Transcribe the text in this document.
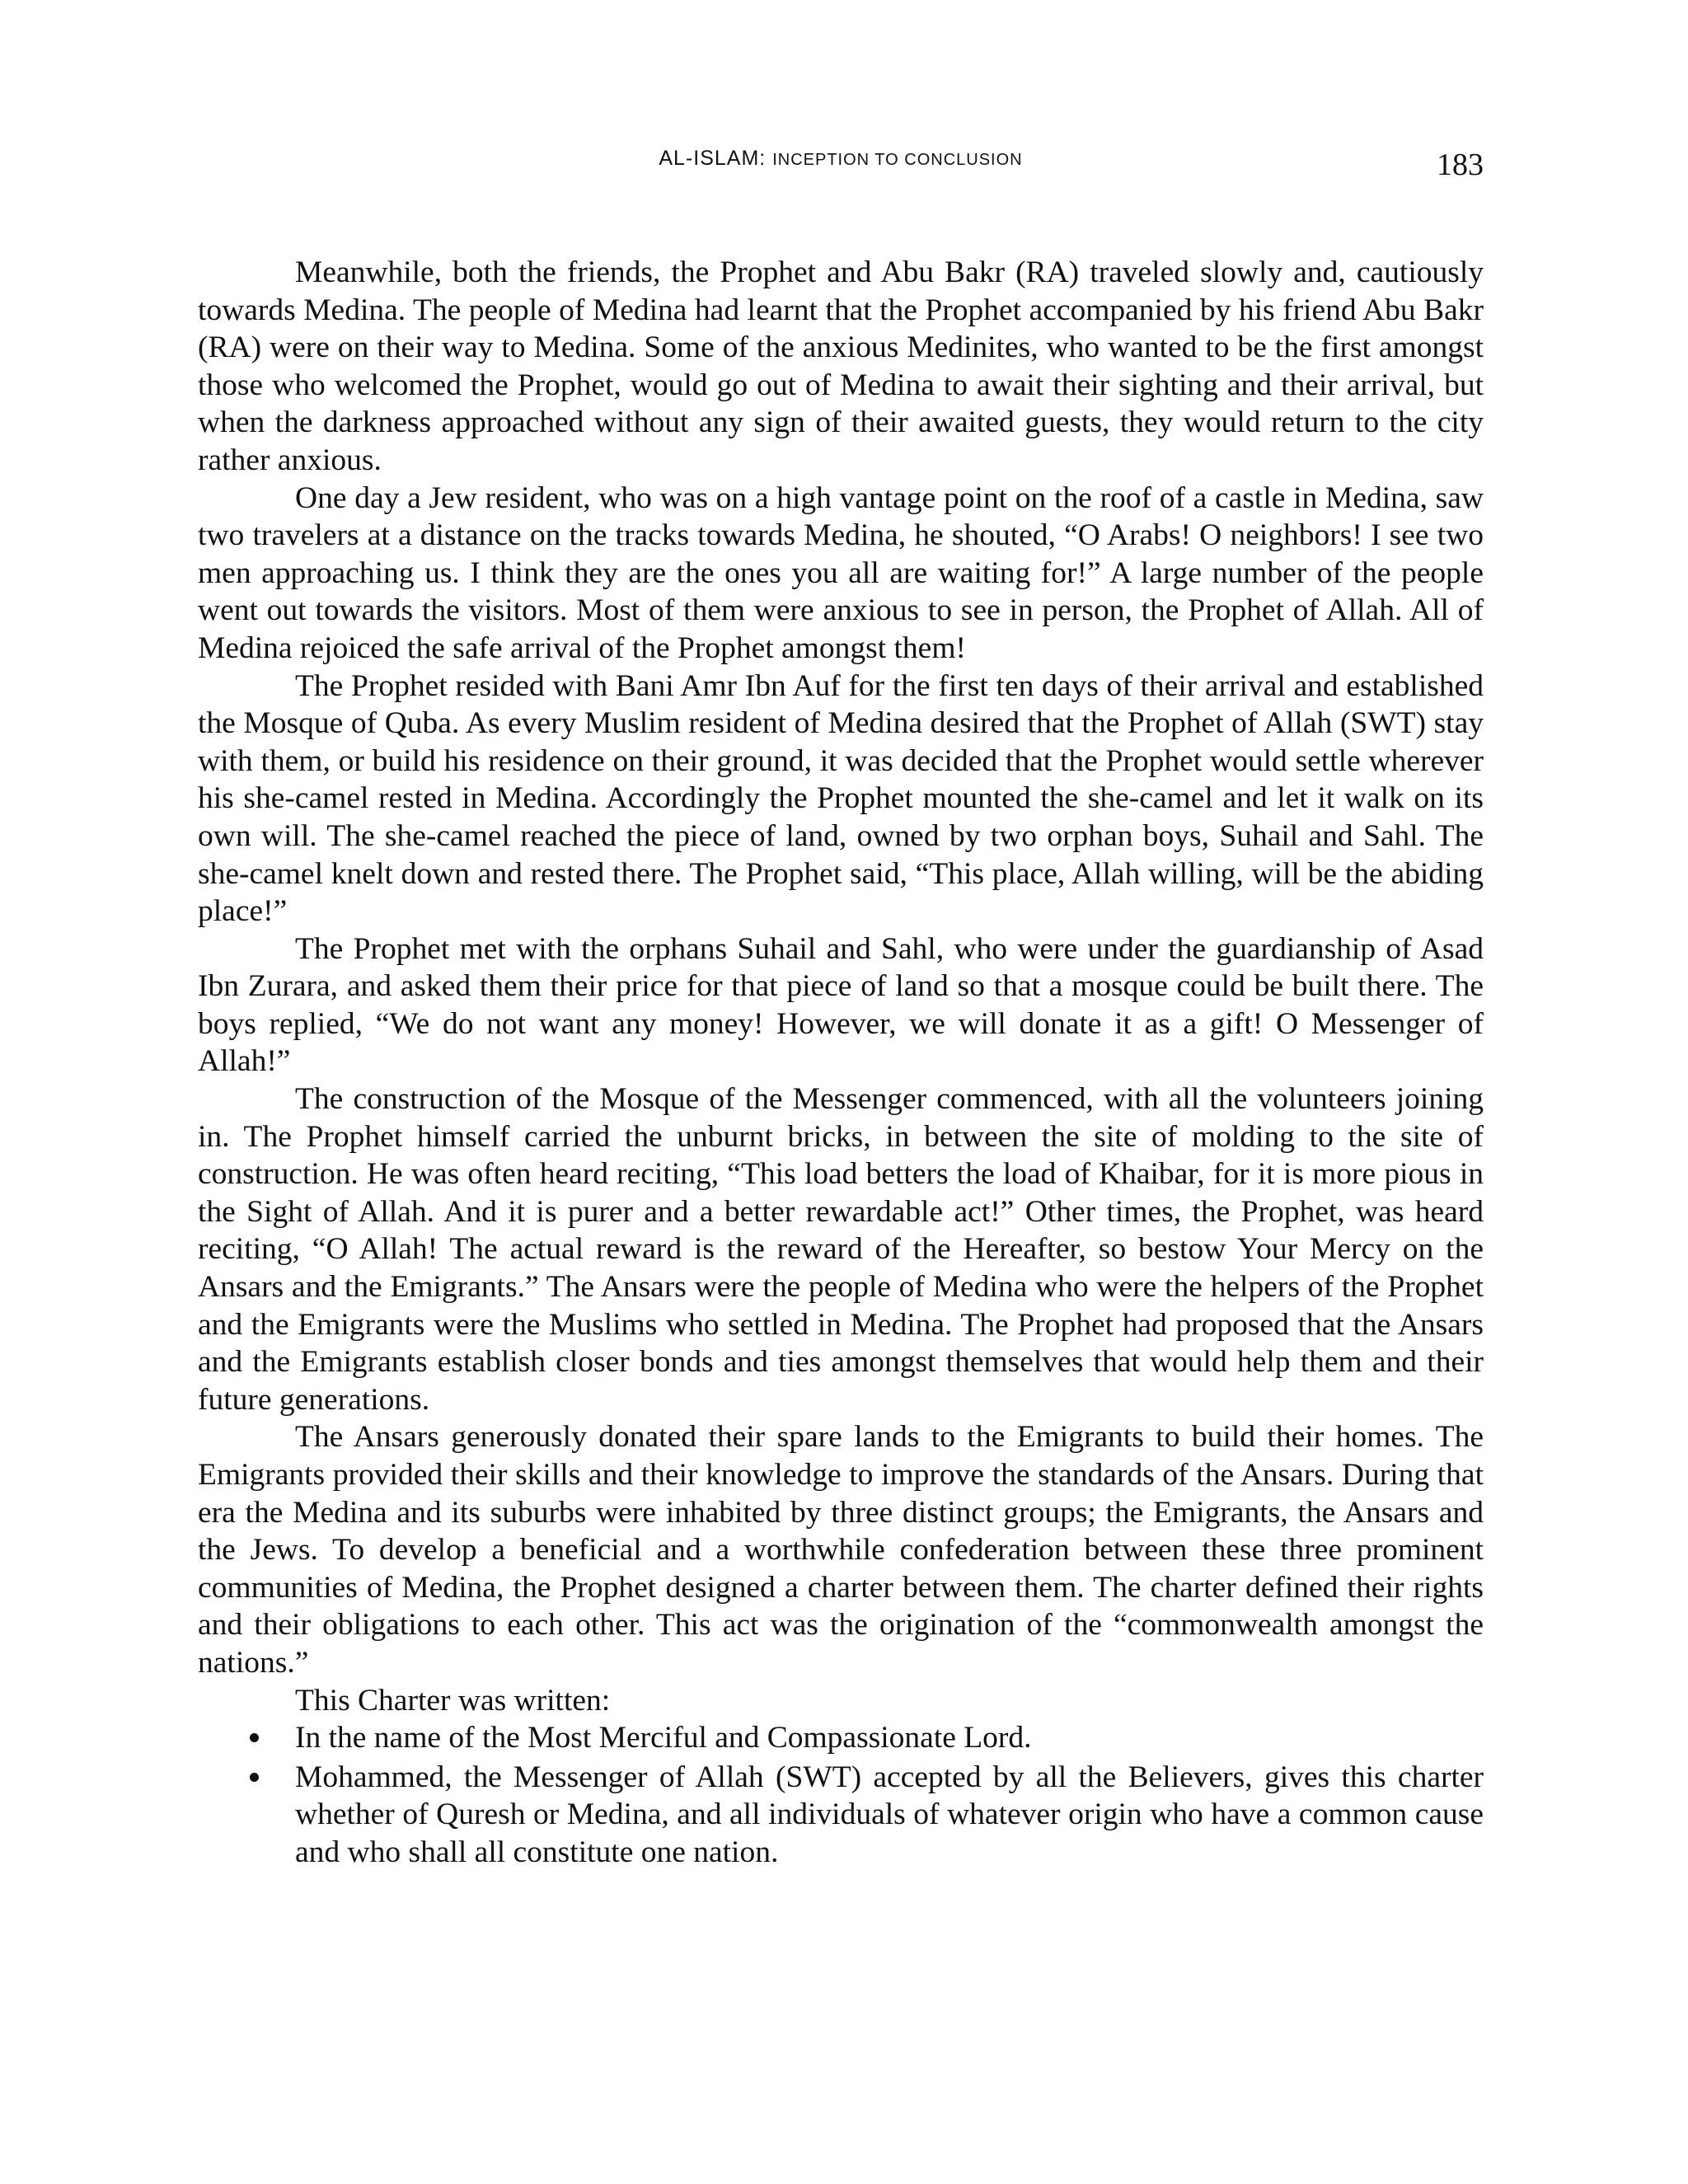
AL-ISLAM: INCEPTION TO CONCLUSION	183

Meanwhile, both the friends, the Prophet and Abu Bakr (RA) traveled slowly and, cautiously towards Medina. The people of Medina had learnt that the Prophet accompanied by his friend Abu Bakr (RA) were on their way to Medina. Some of the anxious Medinites, who wanted to be the first amongst those who welcomed the Prophet, would go out of Medina to await their sighting and their arrival, but when the darkness approached without any sign of their awaited guests, they would return to the city rather anxious.

One day a Jew resident, who was on a high vantage point on the roof of a castle in Medina, saw two travelers at a distance on the tracks towards Medina, he shouted, “O Arabs! O neighbors! I see two men approaching us. I think they are the ones you all are waiting for!” A large number of the people went out towards the visitors. Most of them were anxious to see in person, the Prophet of Allah. All of Medina rejoiced the safe arrival of the Prophet amongst them!

The Prophet resided with Bani Amr Ibn Auf for the first ten days of their arrival and established the Mosque of Quba. As every Muslim resident of Medina desired that the Prophet of Allah (SWT) stay with them, or build his residence on their ground, it was decided that the Prophet would settle wherever his she-camel rested in Medina. Accordingly the Prophet mounted the she-camel and let it walk on its own will. The she-camel reached the piece of land, owned by two orphan boys, Suhail and Sahl. The she-camel knelt down and rested there. The Prophet said, “This place, Allah willing, will be the abiding place!”

The Prophet met with the orphans Suhail and Sahl, who were under the guardianship of Asad Ibn Zurara, and asked them their price for that piece of land so that a mosque could be built there. The boys replied, “We do not want any money! However, we will donate it as a gift! O Messenger of Allah!”

The construction of the Mosque of the Messenger commenced, with all the volunteers joining in. The Prophet himself carried the unburnt bricks, in between the site of molding to the site of construction. He was often heard reciting, “This load betters the load of Khaibar, for it is more pious in the Sight of Allah. And it is purer and a better rewardable act!” Other times, the Prophet, was heard reciting, “O Allah! The actual reward is the reward of the Hereafter, so bestow Your Mercy on the Ansars and the Emigrants.” The Ansars were the people of Medina who were the helpers of the Prophet and the Emigrants were the Muslims who settled in Medina. The Prophet had proposed that the Ansars and the Emigrants establish closer bonds and ties amongst themselves that would help them and their future generations.

The Ansars generously donated their spare lands to the Emigrants to build their homes. The Emigrants provided their skills and their knowledge to improve the standards of the Ansars. During that era the Medina and its suburbs were inhabited by three distinct groups; the Emigrants, the Ansars and the Jews. To develop a beneficial and a worthwhile confederation between these three prominent communities of Medina, the Prophet designed a charter between them. The charter defined their rights and their obligations to each other. This act was the origination of the “commonwealth amongst the nations.”

This Charter was written:

In the name of the Most Merciful and Compassionate Lord.
Mohammed, the Messenger of Allah (SWT) accepted by all the Believers, gives this charter whether of Quresh or Medina, and all individuals of whatever origin who have a common cause and who shall all constitute one nation.
